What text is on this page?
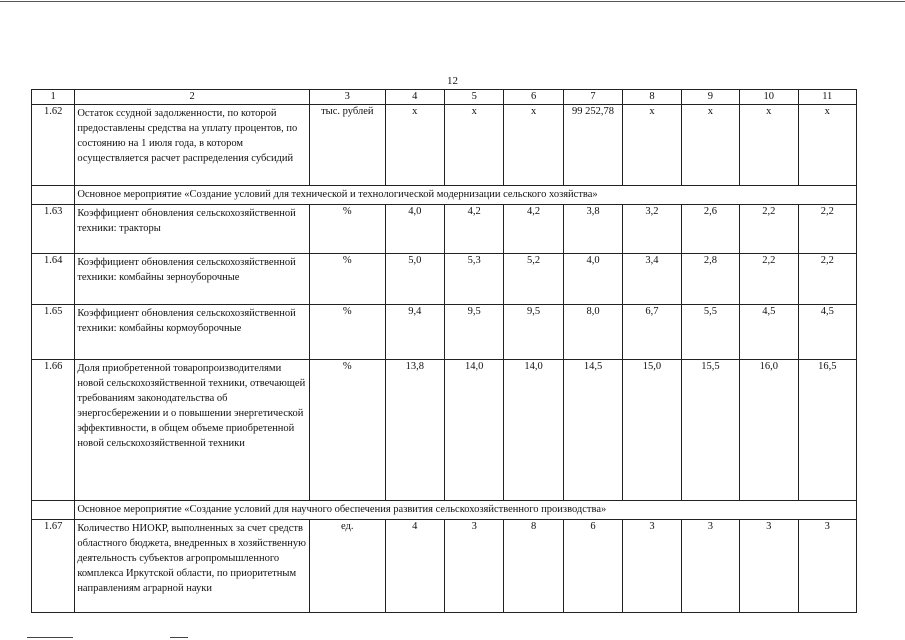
12
1	2	3	4	5	6	7	8	9	10	11
1.62	Остаток ссудной задолженности, по которой предоставлены средства на уплату процентов, по состоянию на 1 июля года, в котором осуществляется расчет распределения субсидий	тыс. рублей	х	х	х	99 252,78	х	х	х	х
	Основное мероприятие «Создание условий для технической и технологической модернизации сельского хозяйства»									
1.63	Коэффициент обновления сельскохозяйственной техники: тракторы	%	4,0	4,2	4,2	3,8	3,2	2,6	2,2	2,2
1.64	Коэффициент обновления сельскохозяйственной техники: комбайны зерноуборочные	%	5,0	5,3	5,2	4,0	3,4	2,8	2,2	2,2
1.65	Коэффициент обновления сельскохозяйственной техники: комбайны кормоуборочные	%	9,4	9,5	9,5	8,0	6,7	5,5	4,5	4,5
1.66	Доля приобретенной товаропроизводителями новой сельскохозяйственной техники, отвечающей требованиям законодательства об энергосбережении и о повышении энергетической эффективности, в общем объеме приобретенной новой сельскохозяйственной техники	%	13,8	14,0	14,0	14,5	15,0	15,5	16,0	16,5
	Основное мероприятие «Создание условий для научного обеспечения развития сельскохозяйственного производства»									
1.67	Количество НИОКР, выполненных за счет средств областного бюджета, внедренных в хозяйственную деятельность субъектов агропромышленного комплекса Иркутской области, по приоритетным направлениям аграрной науки	ед.	4	3	8	6	3	3	3	3
